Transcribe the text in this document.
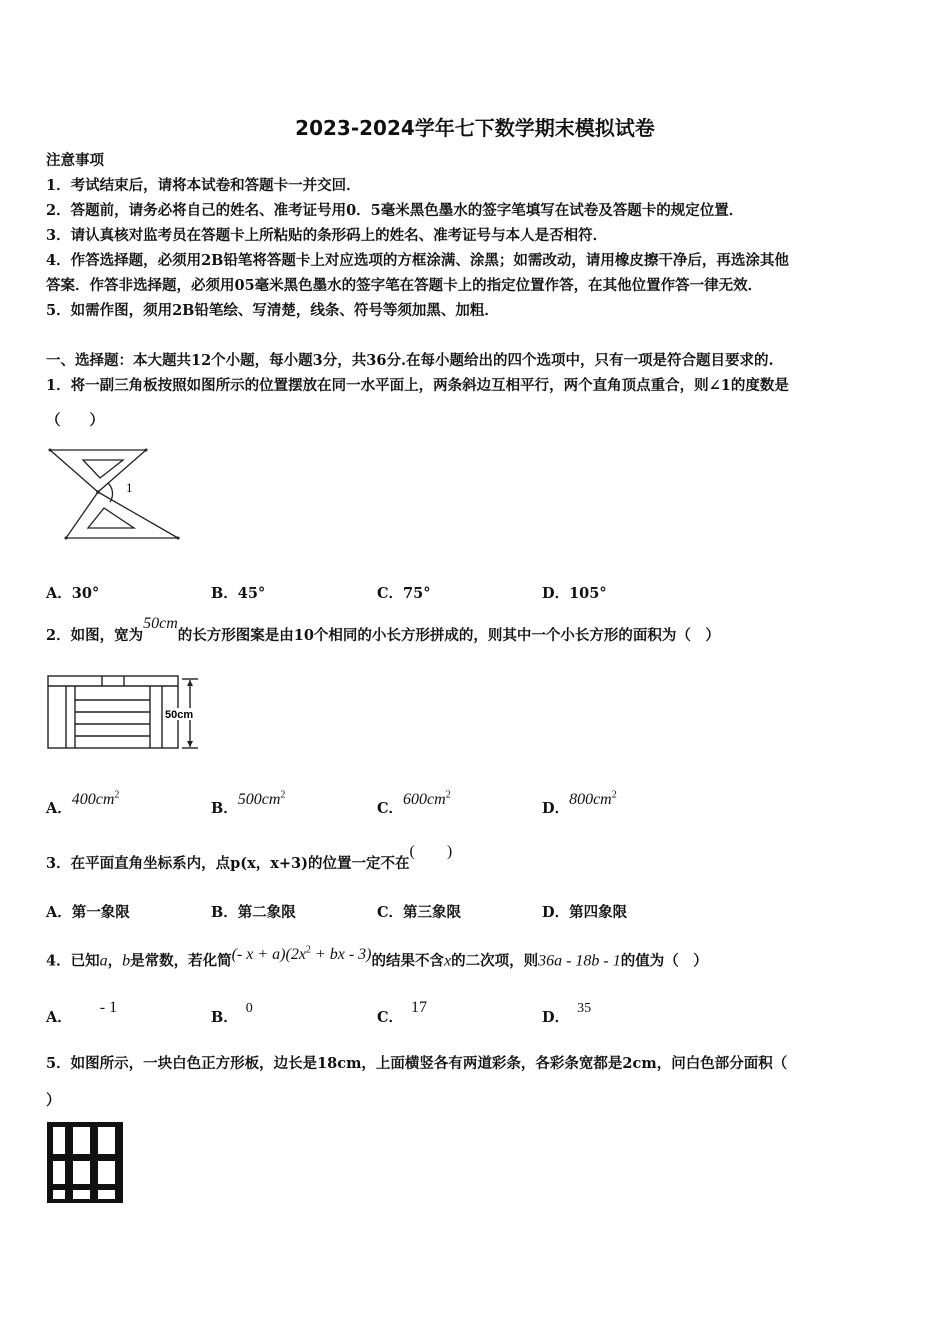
2023-2024学年七下数学期末模拟试卷
注意事项
1．考试结束后，请将本试卷和答题卡一并交回．
2．答题前，请务必将自己的姓名、准考证号用0．5毫米黑色墨水的签字笔填写在试卷及答题卡的规定位置．
3．请认真核对监考员在答题卡上所粘贴的条形码上的姓名、准考证号与本人是否相符．
4．作答选择题，必须用2B铅笔将答题卡上对应选项的方框涂满、涂黑；如需改动，请用橡皮擦干净后，再选涂其他
答案．作答非选择题，必须用05毫米黑色墨水的签字笔在答题卡上的指定位置作答，在其他位置作答一律无效．
5．如需作图，须用2B铅笔绘、写清楚，线条、符号等须加黑、加粗．
一、选择题：本大题共12个小题，每小题3分，共36分.在每小题给出的四个选项中，只有一项是符合题目要求的.
1．将一副三角板按照如图所示的位置摆放在同一水平面上，两条斜边互相平行，两个直角顶点重合，则∠1的度数是
（　　）
1
A．30°	B．45°	C．75°	D．105°
2．如图，宽为50cm的长方形图案是由10个相同的小长方形拼成的，则其中一个小长方形的面积为（　）
50cm
A．$400cm^2$
B．$500cm^2$
C．$600cm^2$
D．$800cm^2$
3．在平面直角坐标系内，点p(x，x+3)的位置一定不在(　　)
A．第一象限	B．第二象限	C．第三象限	D．第四象限
4．已知a，b是常数，若化简(- $x + a)(2x^2$ + bx - 3)的结果不含x的二次项，则36a - 18b - 1的值为（　）
A．- 1
B．0
C．17
D．35
5．如图所示，一块白色正方形板，边长是18cm，上面横竖各有两道彩条，各彩条宽都是2cm，问白色部分面积（
）
